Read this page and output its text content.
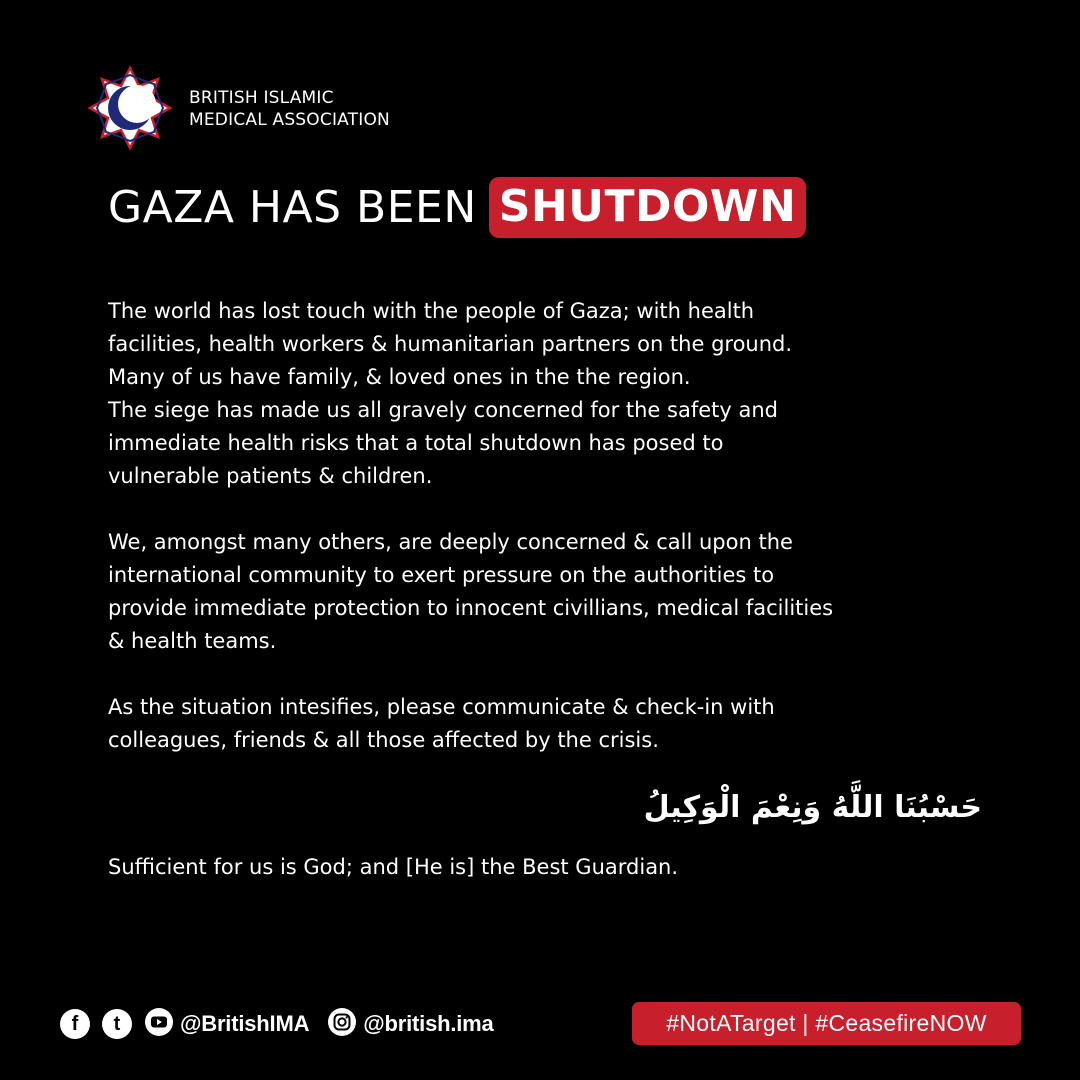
BRITISH ISLAMIC
MEDICAL ASSOCIATION
GAZA HAS BEEN SHUTDOWN

The world has lost touch with the people of Gaza; with health
facilities, health workers & humanitarian partners on the ground.
Many of us have family, & loved ones in the the region.
The siege has made us all gravely concerned for the safety and
immediate health risks that a total shutdown has posed to
vulnerable patients & children.

We, amongst many others, are deeply concerned & call upon the
international community to exert pressure on the authorities to
provide immediate protection to innocent civillians, medical facilities
& health teams.

As the situation intesifies, please communicate & check-in with
colleagues, friends & all those affected by the crisis.

حَسْبُنَا اللَّهُ وَنِعْمَ الْوَكِيلُ
Sufficient for us is God; and [He is] the Best Guardian.
f	t	@BritishIMA @british.ima	#NotATarget | #CeasefireNOW
